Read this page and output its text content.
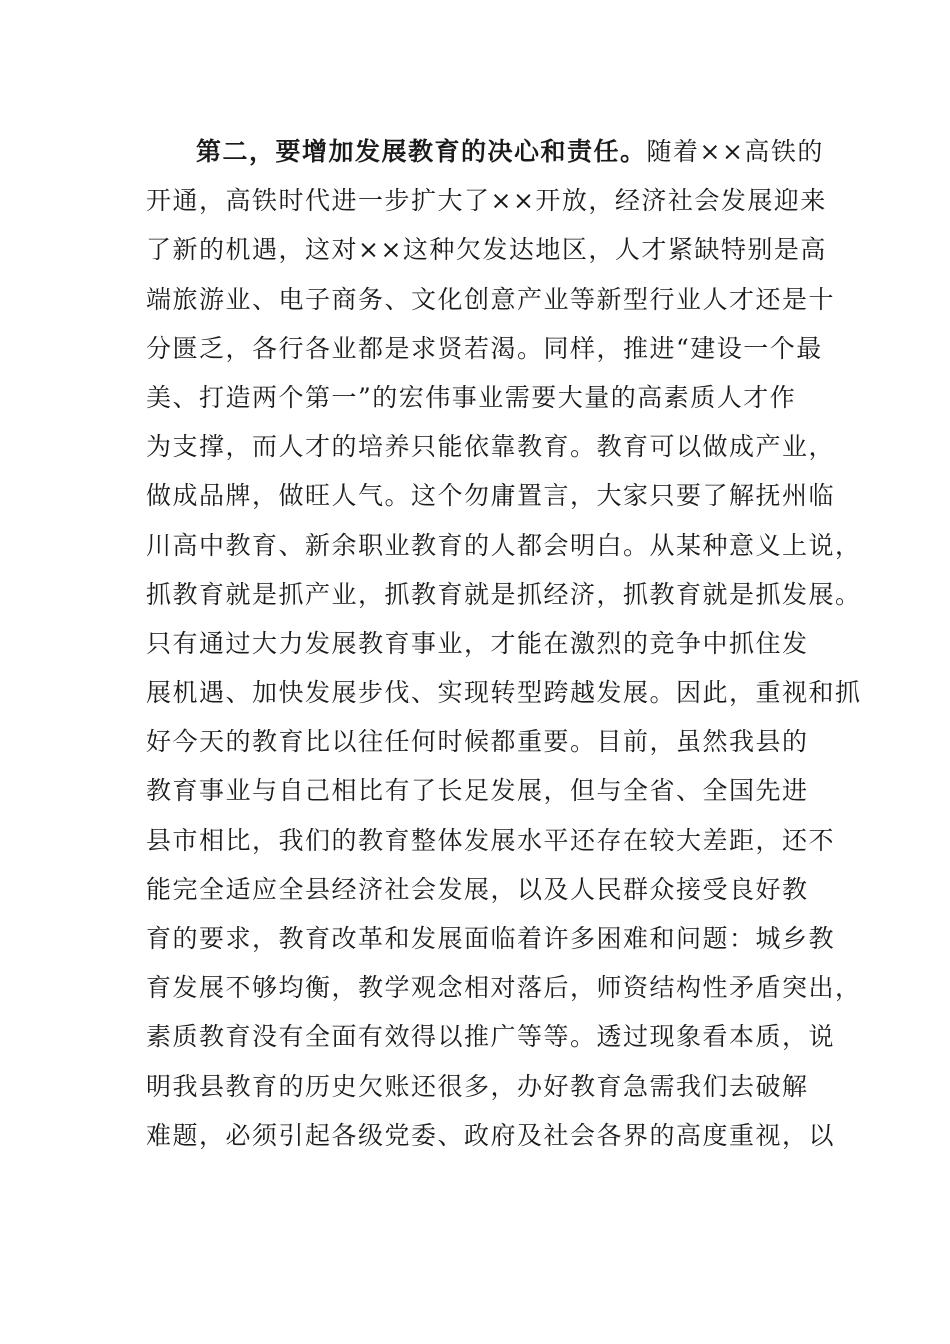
第二，要增加发展教育的决心和责任。随着××高铁的
开通，高铁时代进一步扩大了××开放，经济社会发展迎来
了新的机遇，这对××这种欠发达地区，人才紧缺特别是高
端旅游业、电子商务、文化创意产业等新型行业人才还是十
分匮乏，各行各业都是求贤若渴。同样，推进“建设一个最
美、打造两个第一”的宏伟事业需要大量的高素质人才作
为支撑，而人才的培养只能依靠教育。教育可以做成产业，
做成品牌，做旺人气。这个勿庸置言，大家只要了解抚州临
川高中教育、新余职业教育的人都会明白。从某种意义上说，
抓教育就是抓产业，抓教育就是抓经济，抓教育就是抓发展。
只有通过大力发展教育事业，才能在激烈的竞争中抓住发
展机遇、加快发展步伐、实现转型跨越发展。因此，重视和抓
好今天的教育比以往任何时候都重要。目前，虽然我县的
教育事业与自己相比有了长足发展，但与全省、全国先进
县市相比，我们的教育整体发展水平还存在较大差距，还不
能完全适应全县经济社会发展，以及人民群众接受良好教
育的要求，教育改革和发展面临着许多困难和问题：城乡教
育发展不够均衡，教学观念相对落后，师资结构性矛盾突出，
素质教育没有全面有效得以推广等等。透过现象看本质，说
明我县教育的历史欠账还很多，办好教育急需我们去破解
难题，必须引起各级党委、政府及社会各界的高度重视，以
